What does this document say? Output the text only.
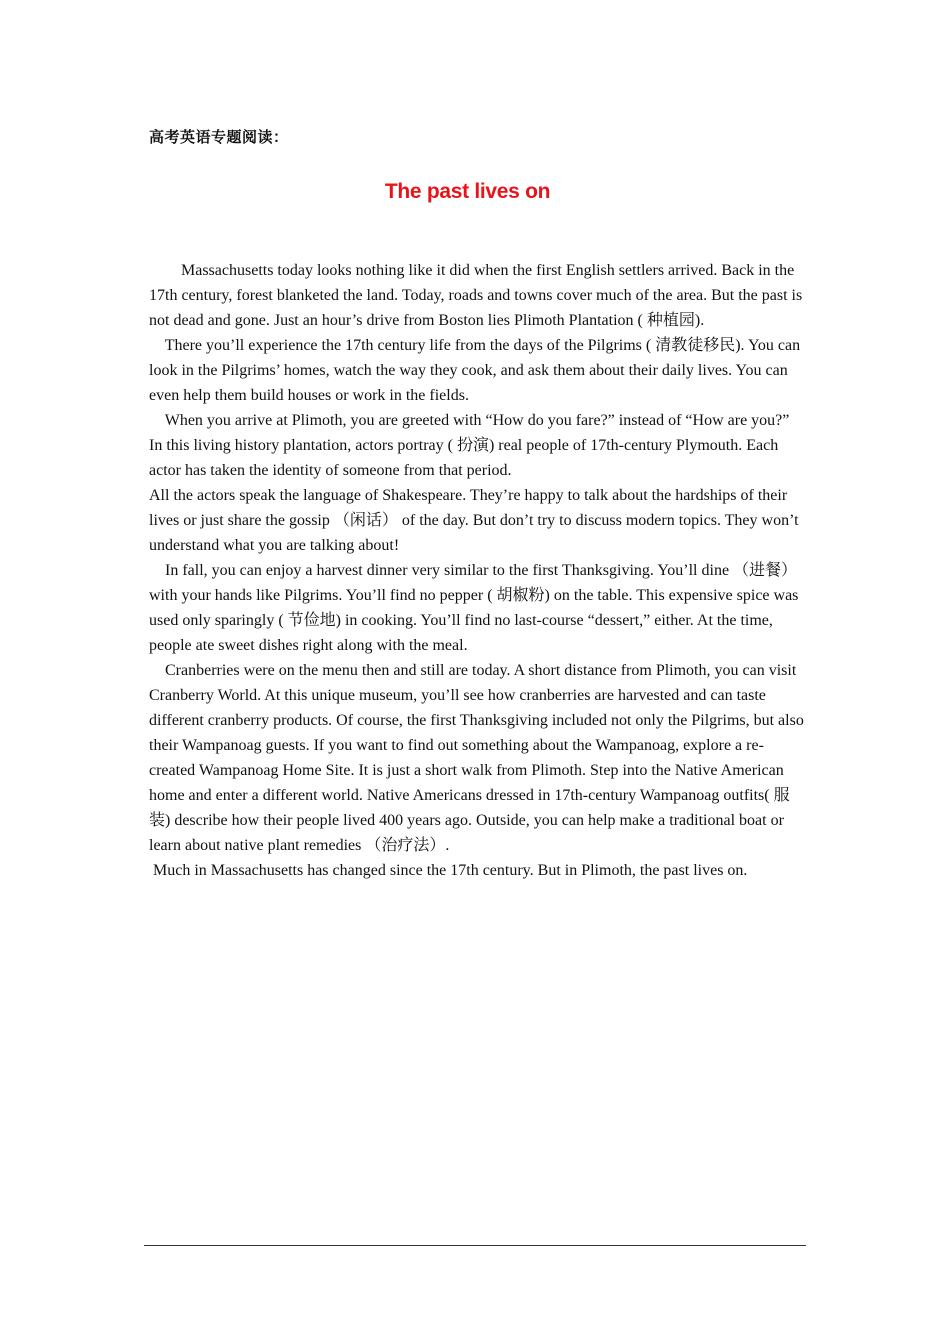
高考英语专题阅读：
The past lives on

Massachusetts today looks nothing like it did when the first English settlers arrived. Back in the 17th century, forest blanketed the land. Today, roads and towns cover much of the area. But the past is not dead and gone. Just an hour’s drive from Boston lies Plimoth Plantation ( 种植园).

There you’ll experience the 17th century life from the days of the Pilgrims ( 清教徒移民). You can look in the Pilgrims’ homes, watch the way they cook, and ask them about their daily lives. You can even help them build houses or work in the fields.

When you arrive at Plimoth, you are greeted with “How do you fare?” instead of “How are you?” In this living history plantation, actors portray ( 扮演) real people of 17th-century Plymouth. Each actor has taken the identity of someone from that period.

All the actors speak the language of Shakespeare. They’re happy to talk about the hardships of their lives or just share the gossip （闲话） of the day. But don’t try to discuss modern topics. They won’t understand what you are talking about!

In fall, you can enjoy a harvest dinner very similar to the first Thanksgiving. You’ll dine （进餐） with your hands like Pilgrims. You’ll find no pepper ( 胡椒粉) on the table. This expensive spice was used only sparingly ( 节俭地) in cooking. You’ll find no last-course “dessert,” either. At the time, people ate sweet dishes right along with the meal.

Cranberries were on the menu then and still are today. A short distance from Plimoth, you can visit Cranberry World. At this unique museum, you’ll see how cranberries are harvested and can taste different cranberry products. Of course, the first Thanksgiving included not only the Pilgrims, but also their Wampanoag guests. If you want to find out something about the Wampanoag, explore a re-created Wampanoag Home Site. It is just a short walk from Plimoth. Step into the Native American home and enter a different world. Native Americans dressed in 17th-century Wampanoag outfits( 服装) describe how their people lived 400 years ago. Outside, you can help make a traditional boat or learn about native plant remedies （治疗法）.

Much in Massachusetts has changed since the 17th century. But in Plimoth, the past lives on.
